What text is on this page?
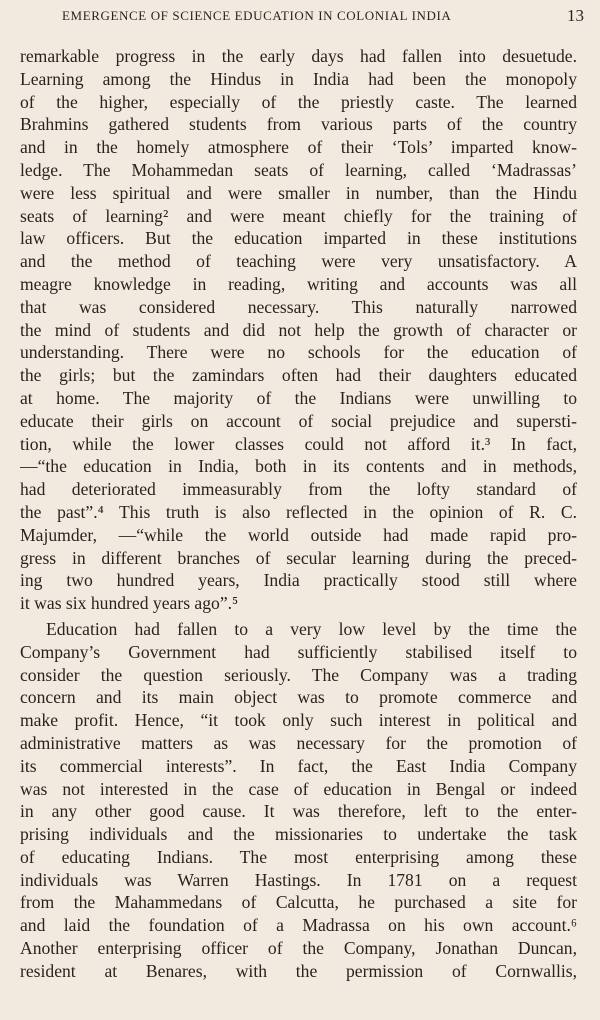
EMERGENCE OF SCIENCE EDUCATION IN COLONIAL INDIA	13
remarkable progress in the early days had fallen into desuetude.
Learning among the Hindus in India had been the monopoly
of the higher, especially of the priestly caste. The learned
Brahmins gathered students from various parts of the country
and in the homely atmosphere of their ‘Tols’ imparted know-
ledge. The Mohammedan seats of learning, called ‘Madrassas’
were less spiritual and were smaller in number, than the Hindu
seats of learning² and were meant chiefly for the training of
law officers. But the education imparted in these institutions
and the method of teaching were very unsatisfactory. A
meagre knowledge in reading, writing and accounts was all
that was considered necessary. This naturally narrowed
the mind of students and did not help the growth of character or
understanding. There were no schools for the education of
the girls; but the zamindars often had their daughters educated
at home. The majority of the Indians were unwilling to
educate their girls on account of social prejudice and supersti-
tion, while the lower classes could not afford it.³ In fact,
—“the education in India, both in its contents and in methods,
had deteriorated immeasurably from the lofty standard of
the past”.⁴ This truth is also reflected in the opinion of R. C.
Majumder, —“while the world outside had made rapid pro-
gress in different branches of secular learning during the preced-
ing two hundred years, India practically stood still where
it was six hundred years ago”.⁵
Education had fallen to a very low level by the time the
Company’s Government had sufficiently stabilised itself to
consider the question seriously. The Company was a trading
concern and its main object was to promote commerce and
make profit. Hence, “it took only such interest in political and
administrative matters as was necessary for the promotion of
its commercial interests”. In fact, the East India Company
was not interested in the case of education in Bengal or indeed
in any other good cause. It was therefore, left to the enter-
prising individuals and the missionaries to undertake the task
of educating Indians. The most enterprising among these
individuals was Warren Hastings. In 1781 on a request
from the Mahammedans of Calcutta, he purchased a site for
and laid the foundation of a Madrassa on his own account.⁶
Another enterprising officer of the Company, Jonathan Duncan,
resident at Benares, with the permission of Cornwallis,
